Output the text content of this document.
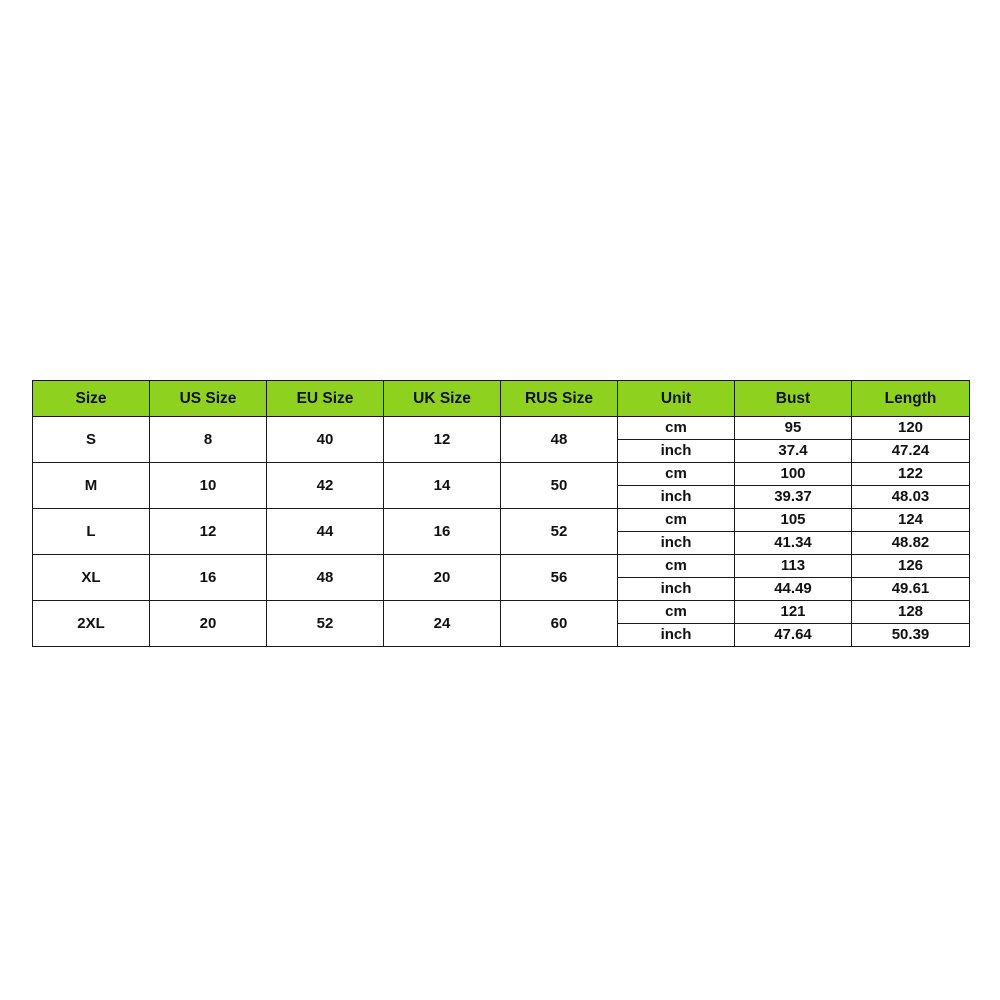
Size	US Size	EU Size	UK Size	RUS Size	Unit	Bust	Length
S	8	40	12	48	cm	95	120
					inch	37.4	47.24
M	10	42	14	50	cm	100	122
					inch	39.37	48.03
L	12	44	16	52	cm	105	124
					inch	41.34	48.82
XL	16	48	20	56	cm	113	126
					inch	44.49	49.61
2XL	20	52	24	60	cm	121	128
					inch	47.64	50.39
